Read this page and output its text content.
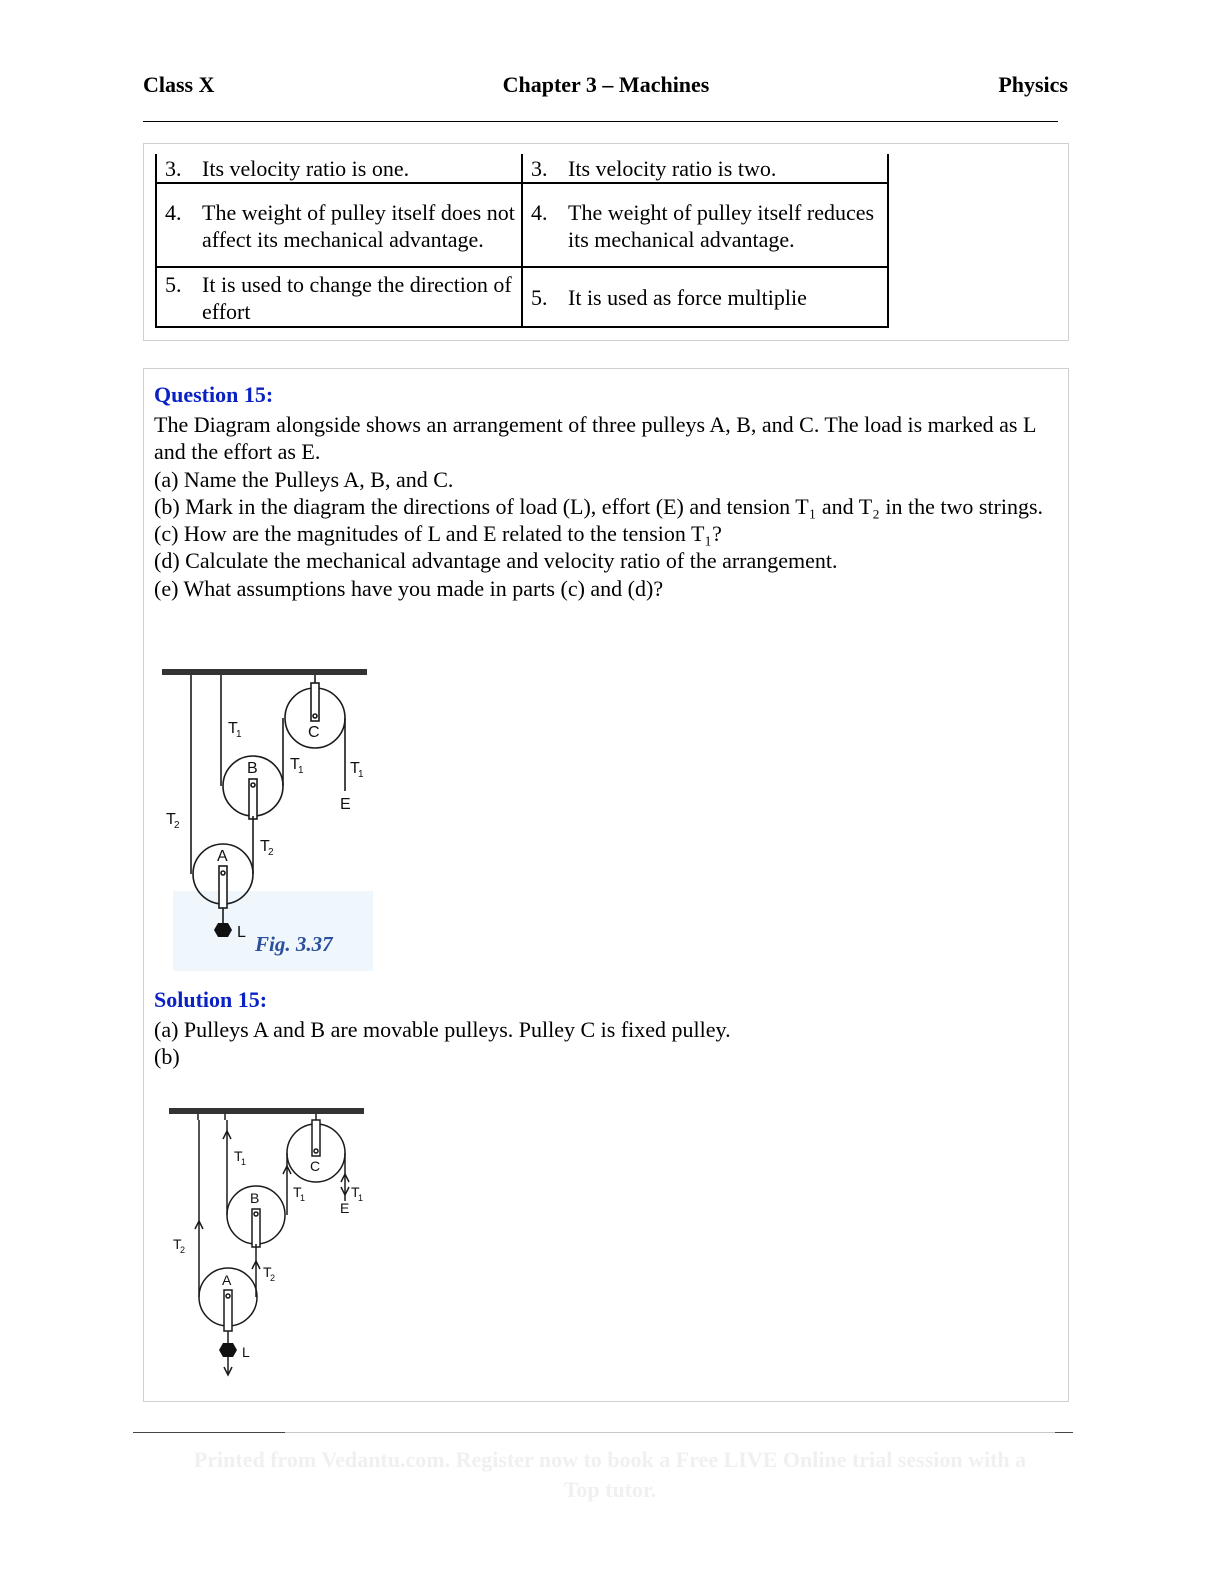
Class X	Chapter 3 – Machines	Physics
3. Its velocity ratio is one.	3. Its velocity ratio is two.

4. The weight of pulley itself does not affect its mechanical advantage.	4. The weight of pulley itself reduces its mechanical advantage.

5. It is used to change the direction of effort	5. It is used as force multiplie
Question 15:

The Diagram alongside shows an arrangement of three pulleys A, B, and C. The load is marked as L and the effort as E.

(a) Name the Pulleys A, B, and C.

(b) Mark in the diagram the directions of load (L), effort (E) and tension T₁ and T₂ in the two strings.

(c) How are the magnitudes of L and E related to the tension T₁?

(d) Calculate the mechanical advantage and velocity ratio of the arrangement.

(e) What assumptions have you made in parts (c) and (d)?

C
B
A
T
1
T
1	T
1
E
T
2
T
2
L Fig. 3.37
Solution 15:

(a) Pulleys A and B are movable pulleys. Pulley C is fixed pulley.

(b)

C
B
A
T
1
T
1	T
1
E
T
2
T
2
L
Printed from Vedantu.com. Register now to book a Free LIVE Online trial session with a
Top tutor.
